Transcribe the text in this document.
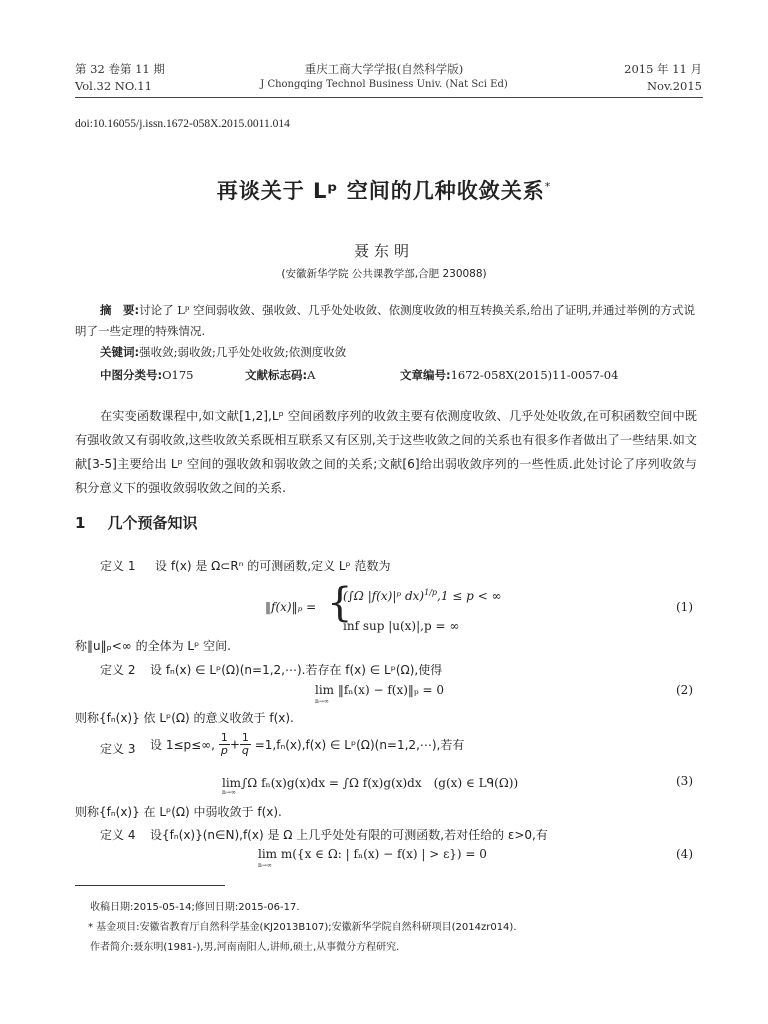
第 32 卷第 11 期
Vol.32 NO.11
重庆工商大学学报(自然科学版)
J Chongqing Technol Business Univ. (Nat Sci Ed)
2015 年 11 月
Nov.2015
doi:10.16055/j.issn.1672-058X.2015.0011.014
再谈关于 Lᵖ 空间的几种收敛关系*
聂东明
(安徽新华学院 公共课教学部,合肥 230088)
摘　要:讨论了 Lᵖ 空间弱收敛、强收敛、几乎处处收敛、依测度收敛的相互转换关系,给出了证明,并通过举例的方式说明了一些定理的特殊情况.
关键词:强收敛;弱收敛;几乎处处收敛;依测度收敛
中图分类号:O175	文献标志码:A	文章编号:1672-058X(2015)11-0057-04
在实变函数课程中,如文献[1,2],Lᵖ 空间函数序列的收敛主要有依测度收敛、几乎处处收敛,在可积函数空间中既有强收敛又有弱收敛,这些收敛关系既相互联系又有区别,关于这些收敛之间的关系也有很多作者做出了一些结果.如文献[3-5]主要给出 Lᵖ 空间的强收敛和弱收敛之间的关系;文献[6]给出弱收敛序列的一些性质.此处讨论了序列收敛与积分意义下的强收敛弱收敛之间的关系.
1 几个预备知识
定义 1 设 f(x) 是 Ω⊂Rⁿ 的可测函数,定义 Lᵖ 范数为
‖f(x)‖ₚ = {
(∫Ω |f(x)|ᵖ dx)$^{1/p}$,1 ≤ p < ∞
inf sup |u(x)|,p = ∞
(1)
称‖u‖ₚ<∞ 的全体为 Lᵖ 空间.
定义 2 设 fₙ(x) ∈ Lᵖ(Ω)(n=1,2,⋯).若存在 f(x) ∈ Lᵖ(Ω),使得
lim ‖fₙ(x) − f(x)‖ₚ = 0
n→∞
(2)
则称{fₙ(x)} 依 Lᵖ(Ω) 的意义收敛于 f(x).
定义 3 设 1≤p≤∞, $\frac{1}{p} + \frac{1}{q} =1,f_n(x),f(x)$ ∈ Lᵖ(Ω)(n=1,2,⋯),若有
lim∫Ω fₙ(x)g(x)dx = ∫Ω f(x)g(x)dx　(g(x) ∈ Lᑫ(Ω))
n→∞
(3)
则称{fₙ(x)} 在 Lᵖ(Ω) 中弱收敛于 f(x).
定义 4 设{fₙ(x)}(n∈N),f(x) 是 Ω 上几乎处处有限的可测函数,若对任给的 ε>0,有
lim m({x ∈ Ω: | fₙ(x) − f(x) | > ε}) = 0
n→∞
(4)
收稿日期:2015-05-14;修回日期:2015-06-17.
* 基金项目:安徽省教育厅自然科学基金(KJ2013B107);安徽新华学院自然科研项目(2014zr014).
作者简介:聂东明(1981-),男,河南南阳人,讲师,硕士,从事微分方程研究.
